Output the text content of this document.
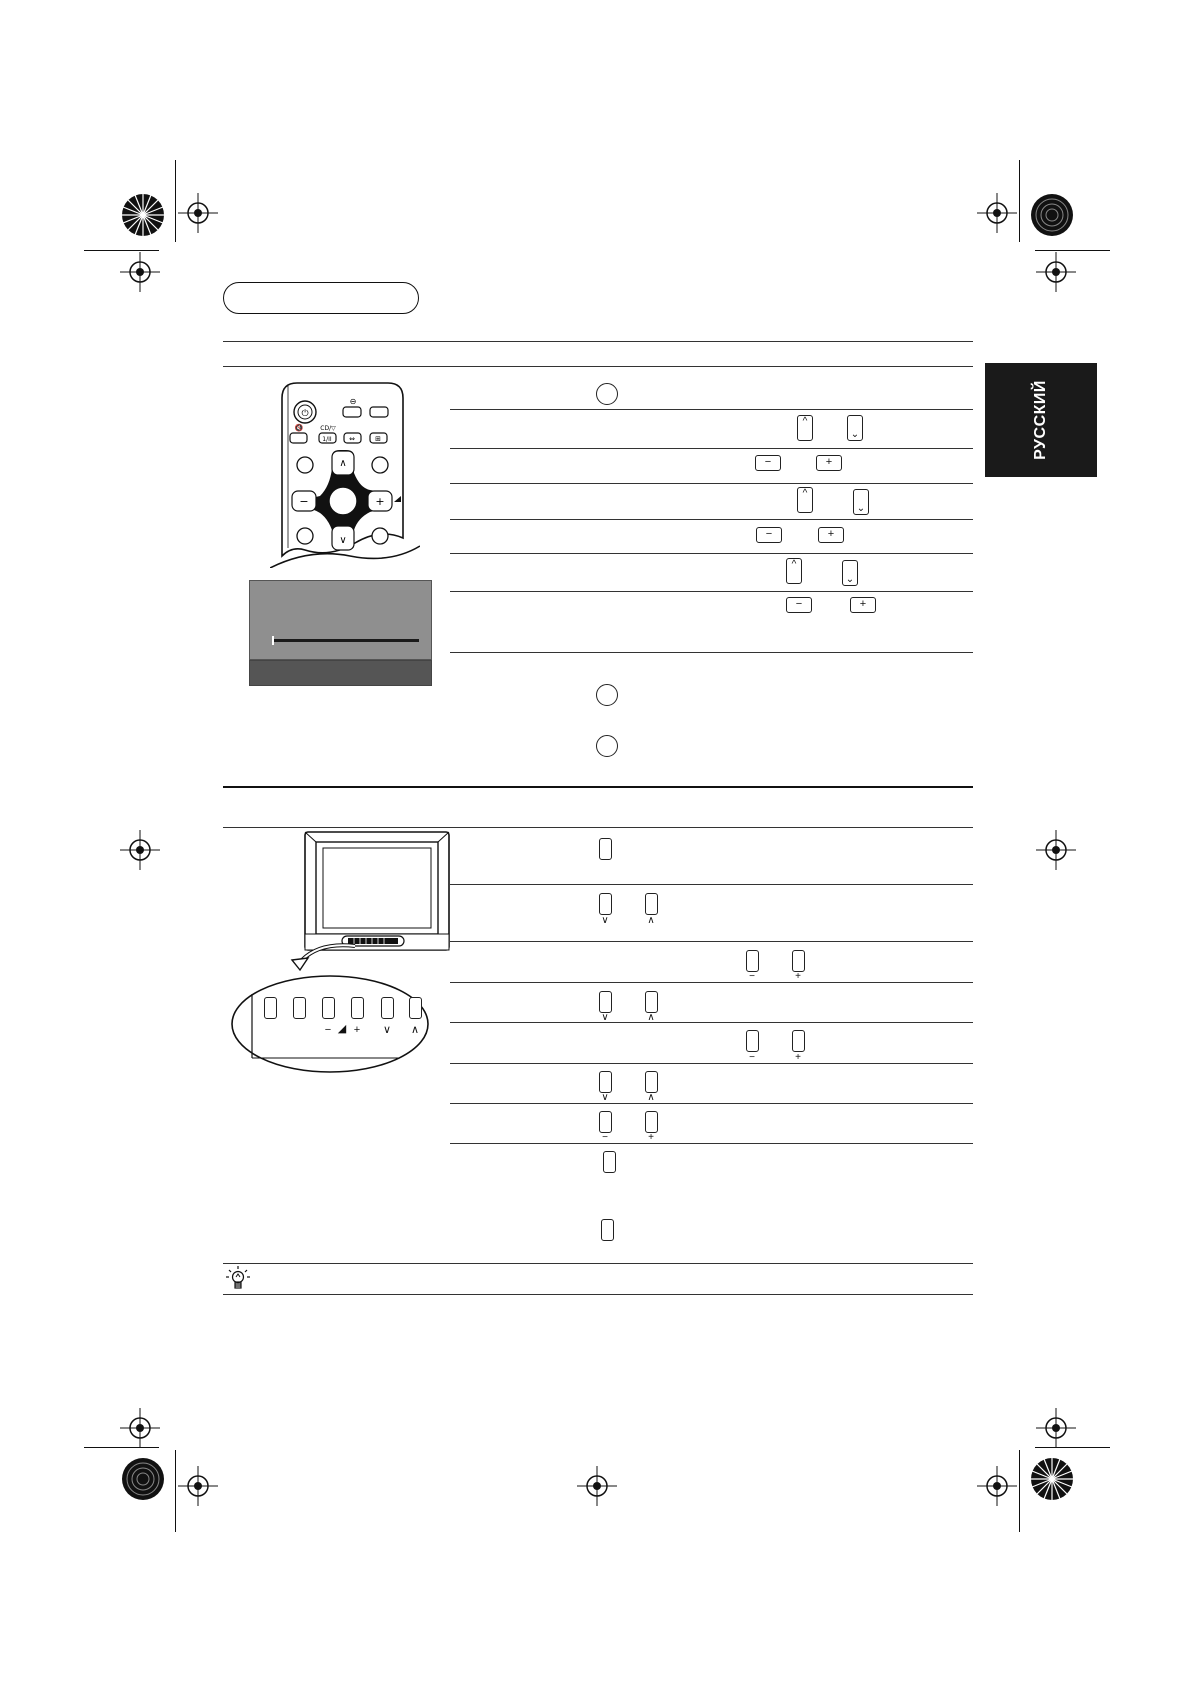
РУССКИЙ
⏻
⊖
🔇	CD/▽
1/II ⇔	⊞
∧
∨
−	+
^
⌄
−	+
^
⌄
−	+
^
⌄
−	+
− ◢ + ∨ ∧
∨	∧
−	+
∨	∧
−	+
∨	∧
−	+
